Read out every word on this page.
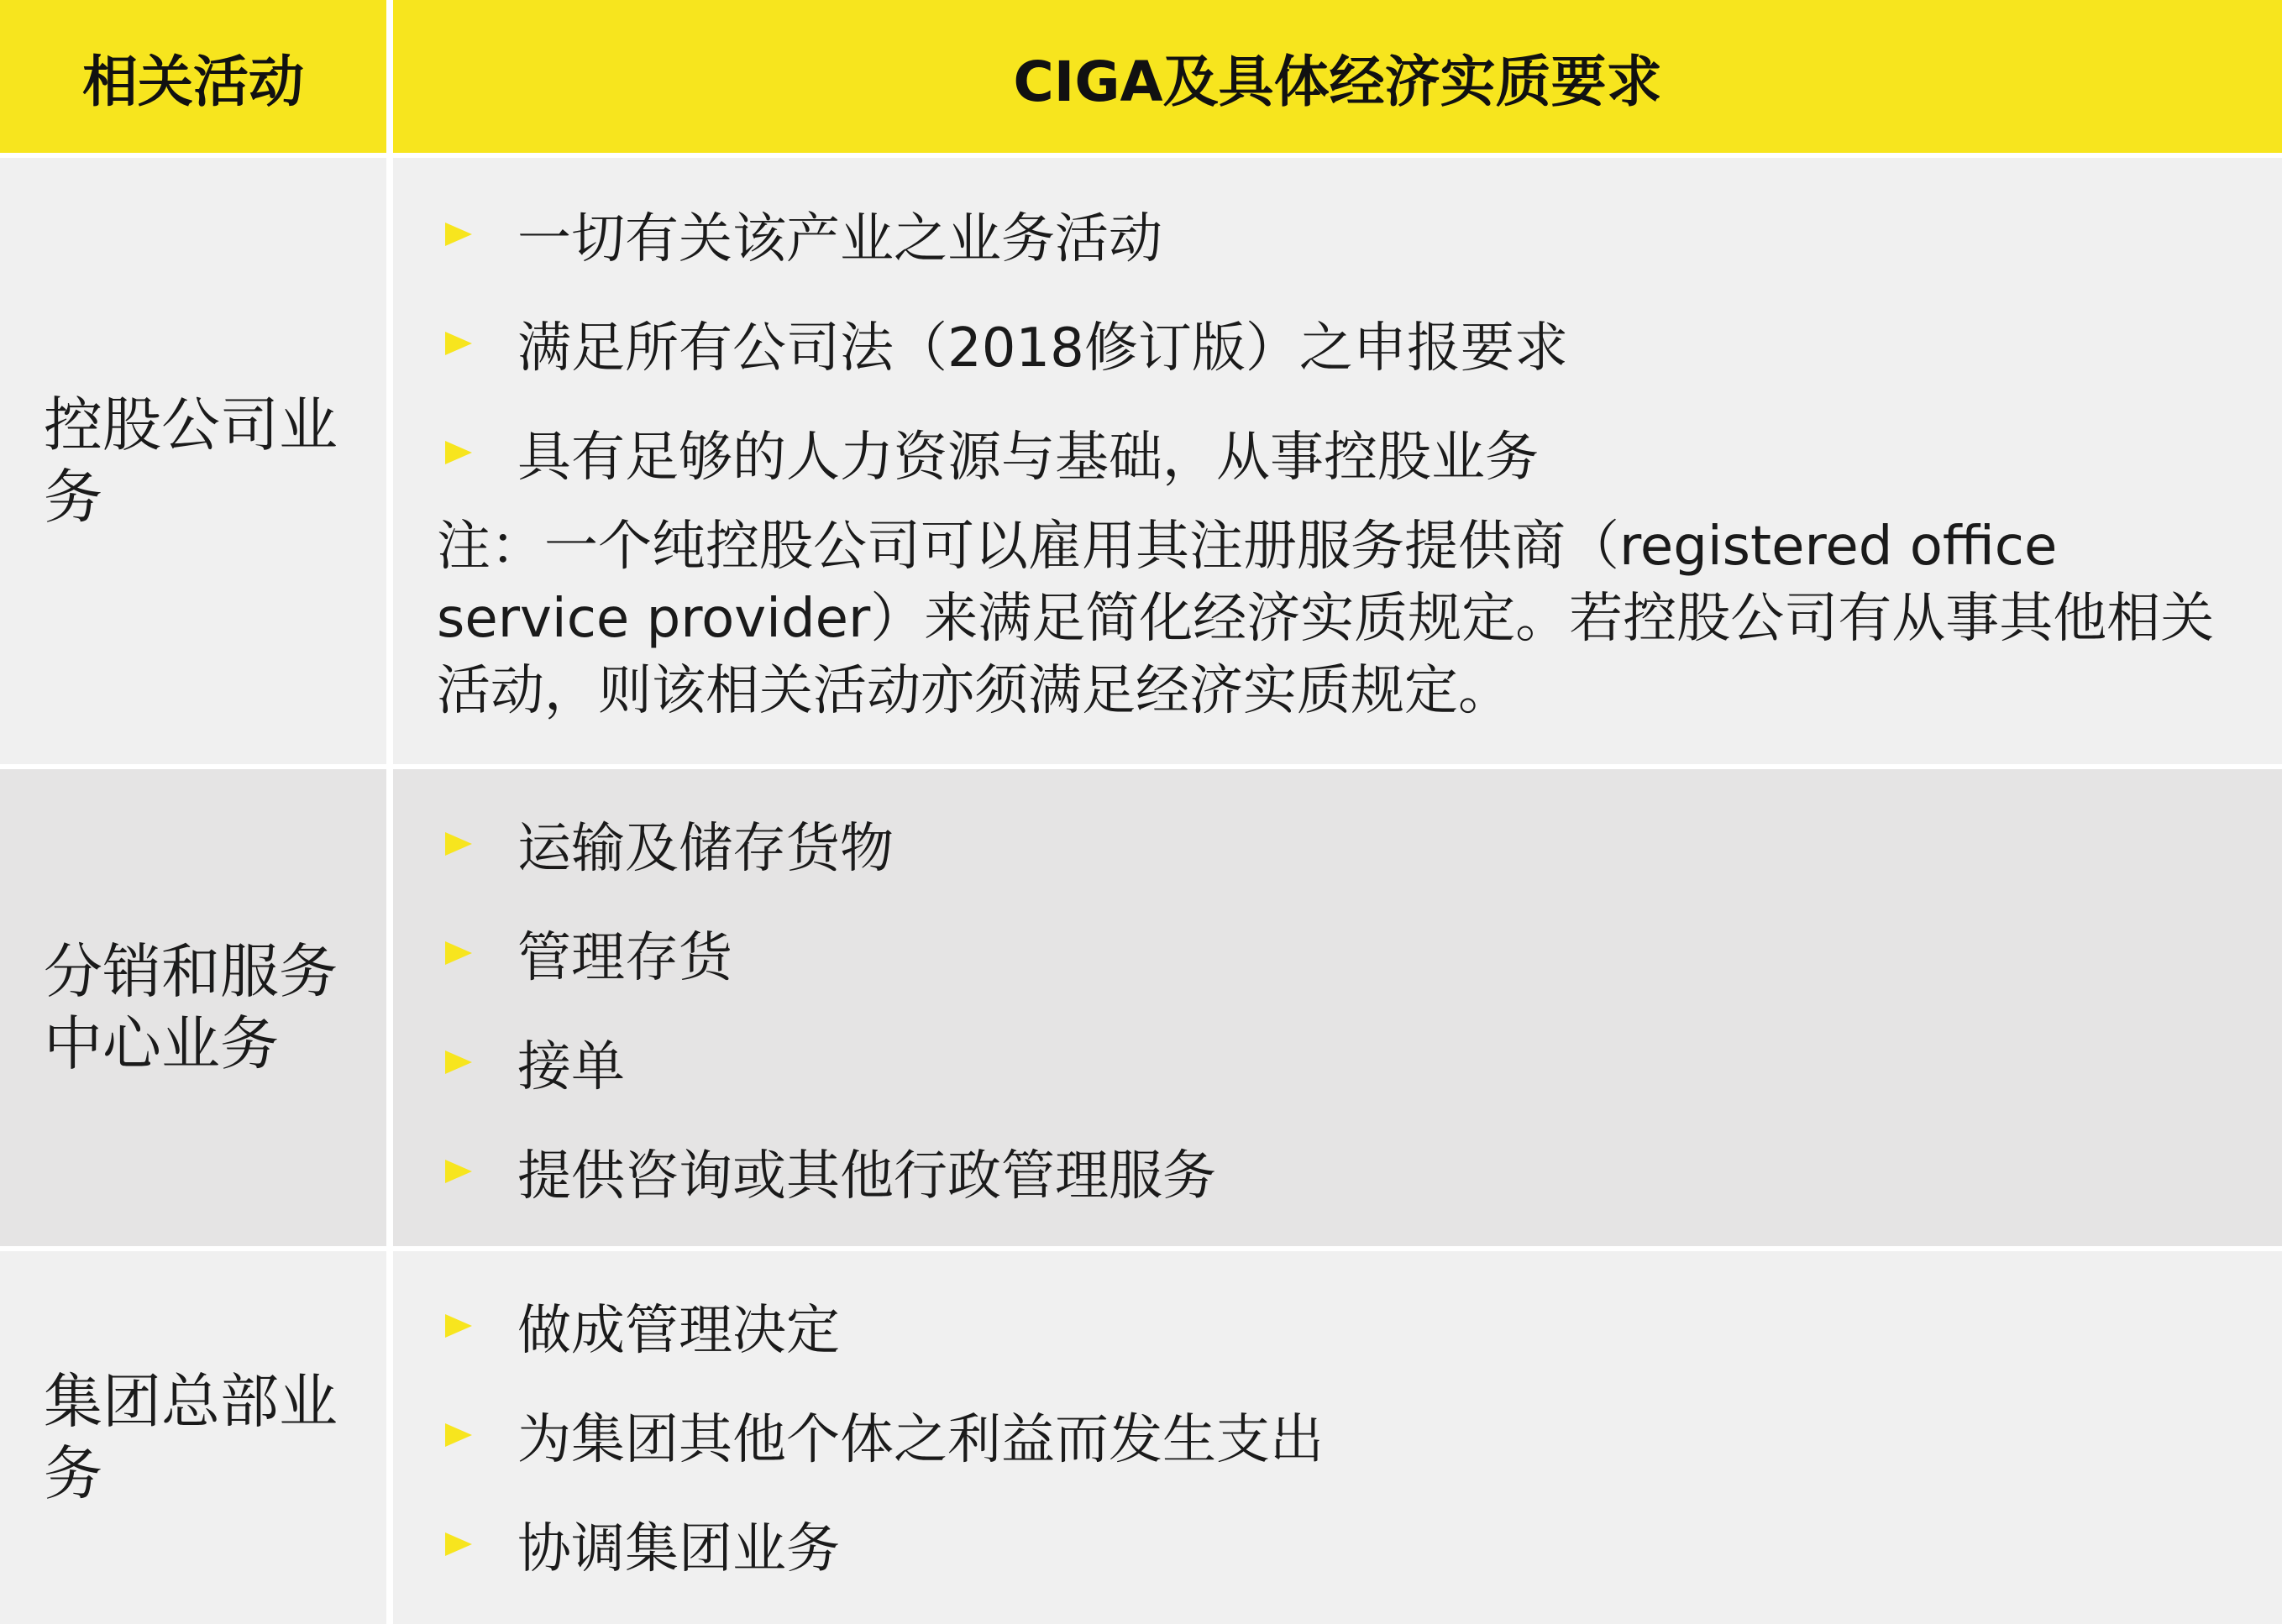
相关活动	CIGA及具体经济实质要求
控股公司业务
一切有关该产业之业务活动
满足所有公司法（2018修订版）之申报要求
具有足够的人力资源与基础，从事控股业务
注：一个纯控股公司可以雇用其注册服务提供商（registered office service provider）来满足简化经济实质规定。若控股公司有从事其他相关活动，则该相关活动亦须满足经济实质规定。
分销和服务中心业务
运输及储存货物
管理存货
接单
提供咨询或其他行政管理服务
集团总部业务
做成管理决定
为集团其他个体之利益而发生支出
协调集团业务
